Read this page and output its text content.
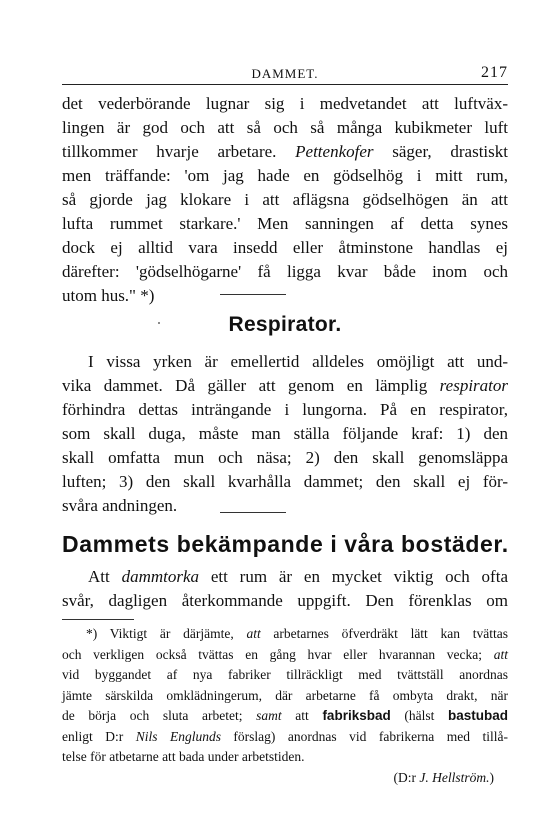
DAMMET.	217
det vederbörande lugnar sig i medvetandet att luftväx-
lingen är god och att så och så många kubikmeter luft
tillkommer hvarje arbetare. Pettenkofer säger, drastiskt
men träffande: 'om jag hade en gödselhög i mitt rum,
så gjorde jag klokare i att aflägsna gödselhögen än att
lufta rummet starkare.' Men sanningen af detta synes
dock ej alltid vara insedd eller åtminstone handlas ej
därefter: 'gödselhögarne' få ligga kvar både inom och
utom hus." *)
Respirator.
I vissa yrken är emellertid alldeles omöjligt att und-
vika dammet. Då gäller att genom en lämplig respirator
förhindra dettas inträngande i lungorna. På en respirator,
som skall duga, måste man ställa följande kraf: 1) den
skall omfatta mun och näsa; 2) den skall genomsläppa
luften; 3) den skall kvarhålla dammet; den skall ej för-
svåra andningen.
Dammets bekämpande i våra bostäder.
Att dammtorka ett rum är en mycket viktig och ofta
svår, dagligen återkommande uppgift. Den förenklas om
*) Viktigt är därjämte, att arbetarnes öfverdräkt lätt kan tvättas
och verkligen också tvättas en gång hvar eller hvarannan vecka; att
vid byggandet af nya fabriker tillräckligt med tvättställ anordnas
jämte särskilda omklädningerum, där arbetarne få ombyta drakt, när
de börja och sluta arbetet; samt att fabriksbad (hälst bastubad
enligt D:r Nils Englunds förslag) anordnas vid fabrikerna med tillå-
telse för atbetarne att bada under arbetstiden.
(D:r J. Hellström.)
